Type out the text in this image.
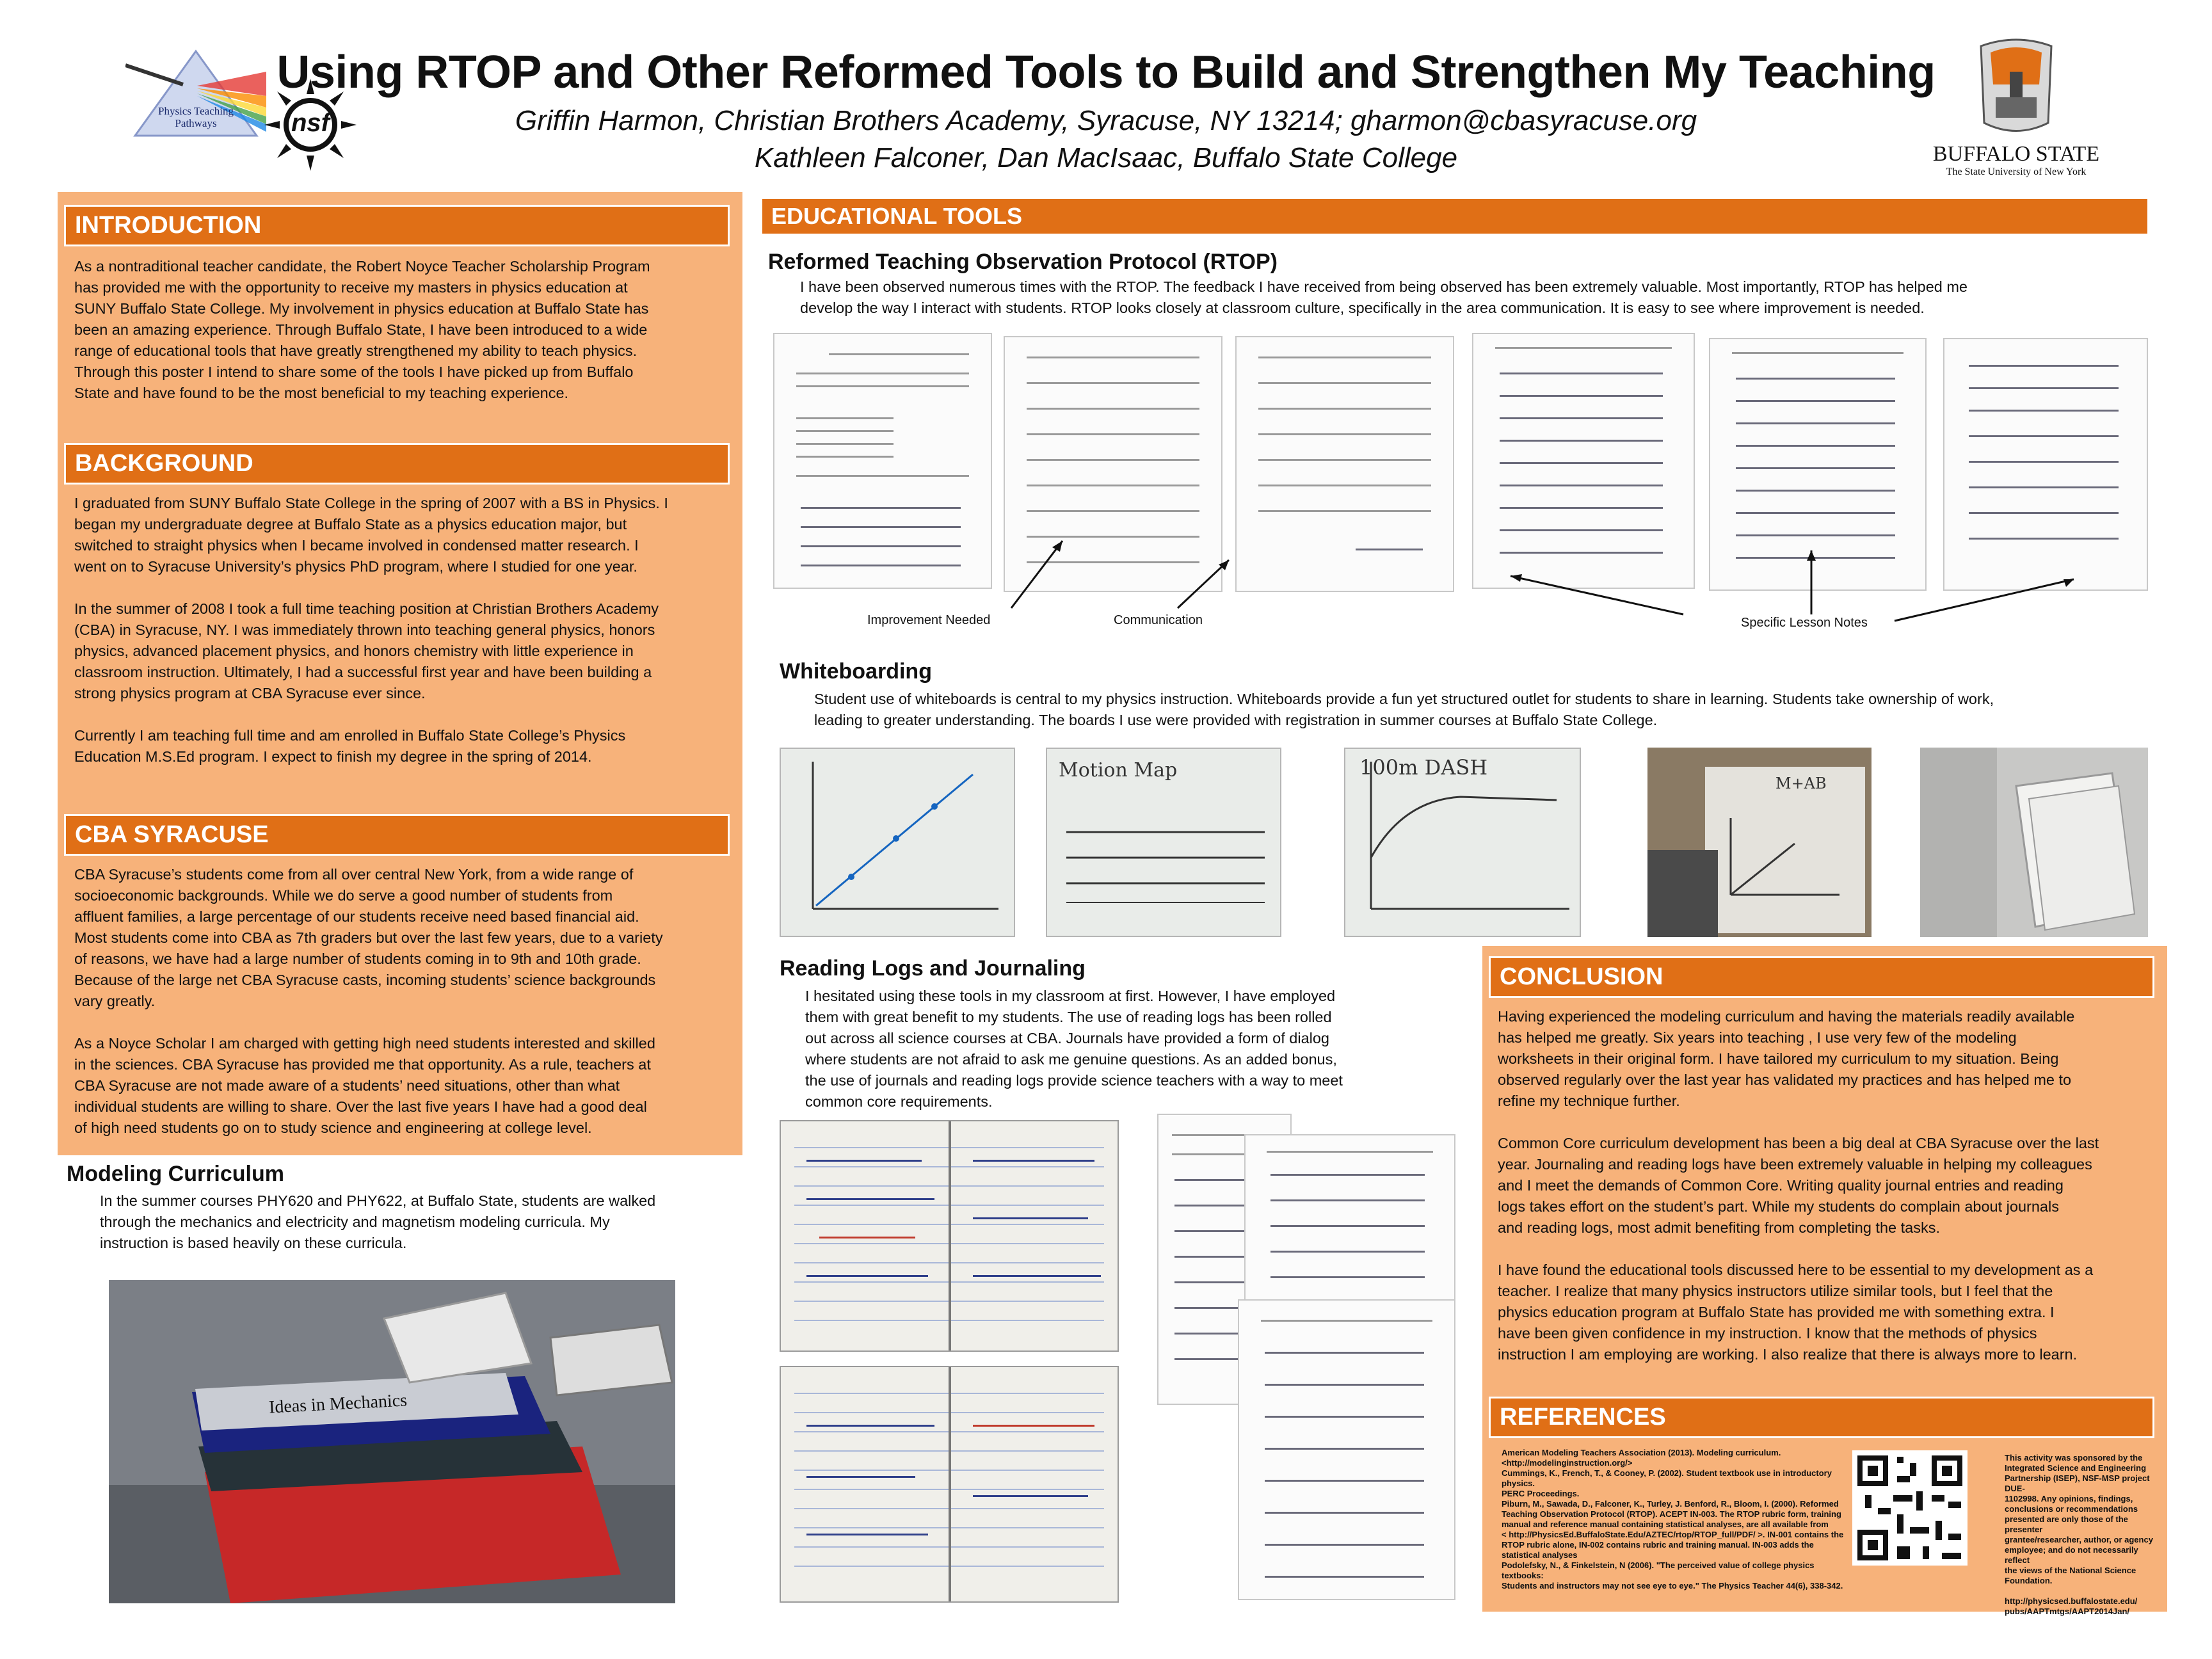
Physics Teaching Pathways	nsf
Using RTOP and Other Reformed Tools to Build and Strengthen My Teaching
Griffin Harmon, Christian Brothers Academy, Syracuse, NY 13214; gharmon@cbasyracuse.org
Kathleen Falconer, Dan MacIsaac, Buffalo State College	BUFFALO STATE
The State University of New York
INTRODUCTION
As a nontraditional teacher candidate, the Robert Noyce Teacher Scholarship Program
has provided me with the opportunity to receive my masters in physics education at
SUNY Buffalo State College. My involvement in physics education at Buffalo State has
been an amazing experience. Through Buffalo State, I have been introduced to a wide
range of educational tools that have greatly strengthened my ability to teach physics.
Through this poster I intend to share some of the tools I have picked up from Buffalo
State and have found to be the most beneficial to my teaching experience.
BACKGROUND
I graduated from SUNY Buffalo State College in the spring of 2007 with a BS in Physics. I
began my undergraduate degree at Buffalo State as a physics education major, but
switched to straight physics when I became involved in condensed matter research. I
went on to Syracuse University’s physics PhD program, where I studied for one year.
In the summer of 2008 I took a full time teaching position at Christian Brothers Academy
(CBA) in Syracuse, NY. I was immediately thrown into teaching general physics, honors
physics, advanced placement physics, and honors chemistry with little experience in
classroom instruction. Ultimately, I had a successful first year and have been building a
strong physics program at CBA Syracuse ever since.
Currently I am teaching full time and am enrolled in Buffalo State College’s Physics
Education M.S.Ed program. I expect to finish my degree in the spring of 2014.
CBA SYRACUSE
CBA Syracuse’s students come from all over central New York, from a wide range of
socioeconomic backgrounds. While we do serve a good number of students from
affluent families, a large percentage of our students receive need based financial aid.
Most students come into CBA as 7th graders but over the last few years, due to a variety
of reasons, we have had a large number of students coming in to 9th and 10th grade.
Because of the large net CBA Syracuse casts, incoming students’ science backgrounds
vary greatly.
As a Noyce Scholar I am charged with getting high need students interested and skilled
in the sciences. CBA Syracuse has provided me that opportunity. As a rule, teachers at
CBA Syracuse are not made aware of a students’ need situations, other than what
individual students are willing to share. Over the last five years I have had a good deal
of high need students go on to study science and engineering at college level.
Modeling Curriculum
In the summer courses PHY620 and PHY622, at Buffalo State, students are walked
through the mechanics and electricity and magnetism modeling curricula. My
instruction is based heavily on these curricula.
Ideas in Mechanics
EDUCATIONAL TOOLS
Reformed Teaching Observation Protocol (RTOP)
I have been observed numerous times with the RTOP. The feedback I have received from being observed has been extremely valuable. Most importantly, RTOP has helped me
develop the way I interact with students. RTOP looks closely at classroom culture, specifically in the area communication. It is easy to see where improvement is needed.
Improvement Needed	Communication	Specific Lesson Notes
Whiteboarding
Student use of whiteboards is central to my physics instruction. Whiteboards provide a fun yet structured outlet for students to share in learning. Students take ownership of work,
leading to greater understanding. The boards I use were provided with registration in summer courses at Buffalo State College.
Motion Map	100m DASH
M+AB
Reading Logs and Journaling
I hesitated using these tools in my classroom at first. However, I have employed
them with great benefit to my students. The use of reading logs has been rolled
out across all science courses at CBA. Journals have provided a form of dialog
where students are not afraid to ask me genuine questions. As an added bonus,
the use of journals and reading logs provide science teachers with a way to meet
common core requirements.
CONCLUSION
Having experienced the modeling curriculum and having the materials readily available
has helped me greatly. Six years into teaching , I use very few of the modeling
worksheets in their original form. I have tailored my curriculum to my situation. Being
observed regularly over the last year has validated my practices and has helped me to
refine my technique further.
Common Core curriculum development has been a big deal at CBA Syracuse over the last
year. Journaling and reading logs have been extremely valuable in helping my colleagues
and I meet the demands of Common Core. Writing quality journal entries and reading
logs takes effort on the student’s part. While my students do complain about journals
and reading logs, most admit benefiting from completing the tasks.
I have found the educational tools discussed here to be essential to my development as a
teacher. I realize that many physics instructors utilize similar tools, but I feel that the
physics education program at Buffalo State has provided me with something extra. I
have been given confidence in my instruction. I know that the methods of physics
instruction I am employing are working. I also realize that there is always more to learn.
REFERENCES
American Modeling Teachers Association (2013). Modeling curriculum.
<http://modelinginstruction.org/>
Cummings, K., French, T., & Cooney, P. (2002). Student textbook use in introductory physics.
PERC Proceedings.
Piburn, M., Sawada, D., Falconer, K., Turley, J. Benford, R., Bloom, I. (2000). Reformed
Teaching Observation Protocol (RTOP). ACEPT IN-003. The RTOP rubric form, training
manual and reference manual containing statistical analyses, are all available from
< http://PhysicsEd.BuffaloState.Edu/AZTEC/rtop/RTOP_full/PDF/ >. IN-001 contains the
RTOP rubric alone, IN-002 contains rubric and training manual. IN-003 adds the
statistical analyses
Podolefsky, N., & Finkelstein, N (2006). "The perceived value of college physics textbooks:
Students and instructors may not see eye to eye." The Physics Teacher 44(6), 338-342.
This activity was sponsored by the
Integrated Science and Engineering
Partnership (ISEP), NSF-MSP project DUE-
1102998. Any opinions, findings,
conclusions or recommendations
presented are only those of the presenter
grantee/researcher, author, or agency
employee; and do not necessarily reflect
the views of the National Science
Foundation.
http://physicsed.buffalostate.edu/
pubs/AAPTmtgs/AAPT2014Jan/
